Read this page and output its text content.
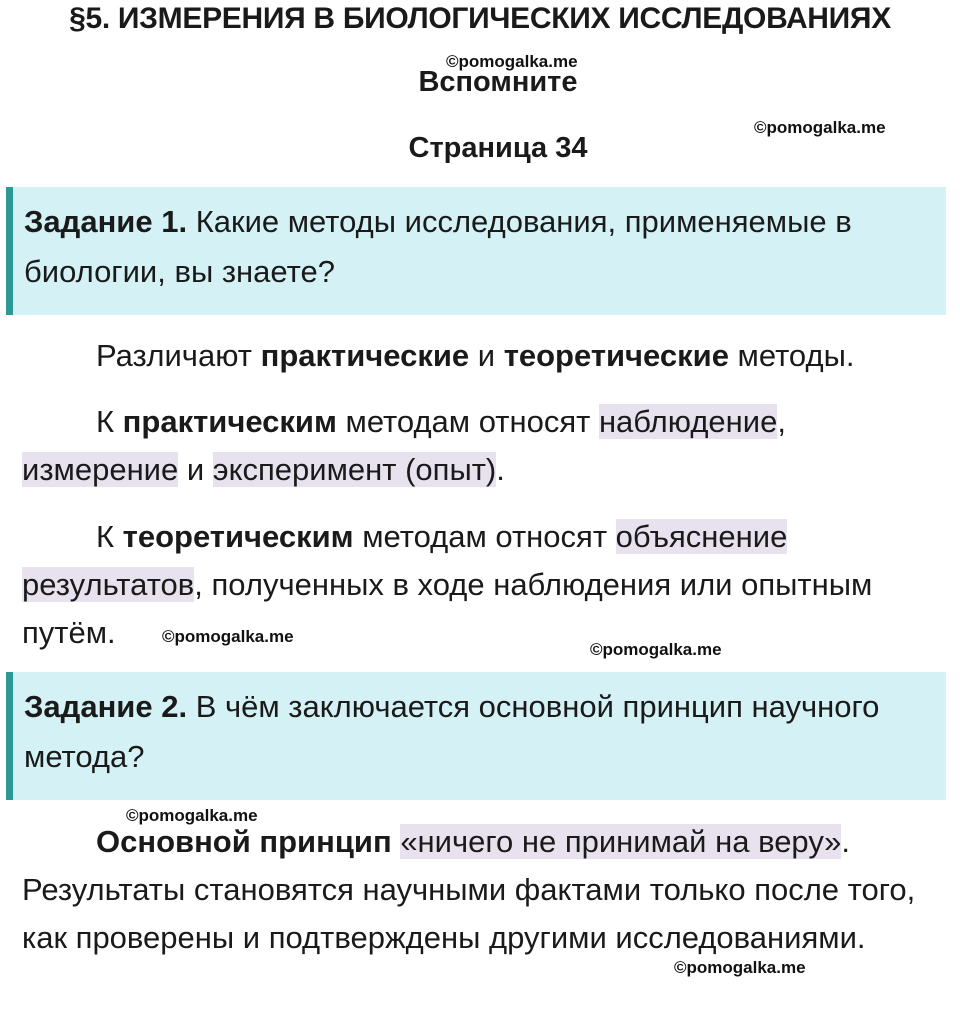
§5. ИЗМЕРЕНИЯ В БИОЛОГИЧЕСКИХ ИССЛЕДОВАНИЯХ
©pomogalka.me
Вспомните
©pomogalka.me
Страница 34
Задание 1. Какие методы исследования, применяемые в биологии, вы знаете?
Различают практические и теоретические методы.
К практическим методам относят наблюдение,
измерение и эксперимент (опыт).
К теоретическим методам относят объяснение
результатов, полученных в ходе наблюдения или опытным путём.	©pomogalka.me
©pomogalka.me
Задание 2. В чём заключается основной принцип научного метода?
©pomogalka.me
Основной принцип «ничего не принимай на веру». Результаты становятся научными фактами только после того, как проверены и подтверждены другими исследованиями.
©pomogalka.me
